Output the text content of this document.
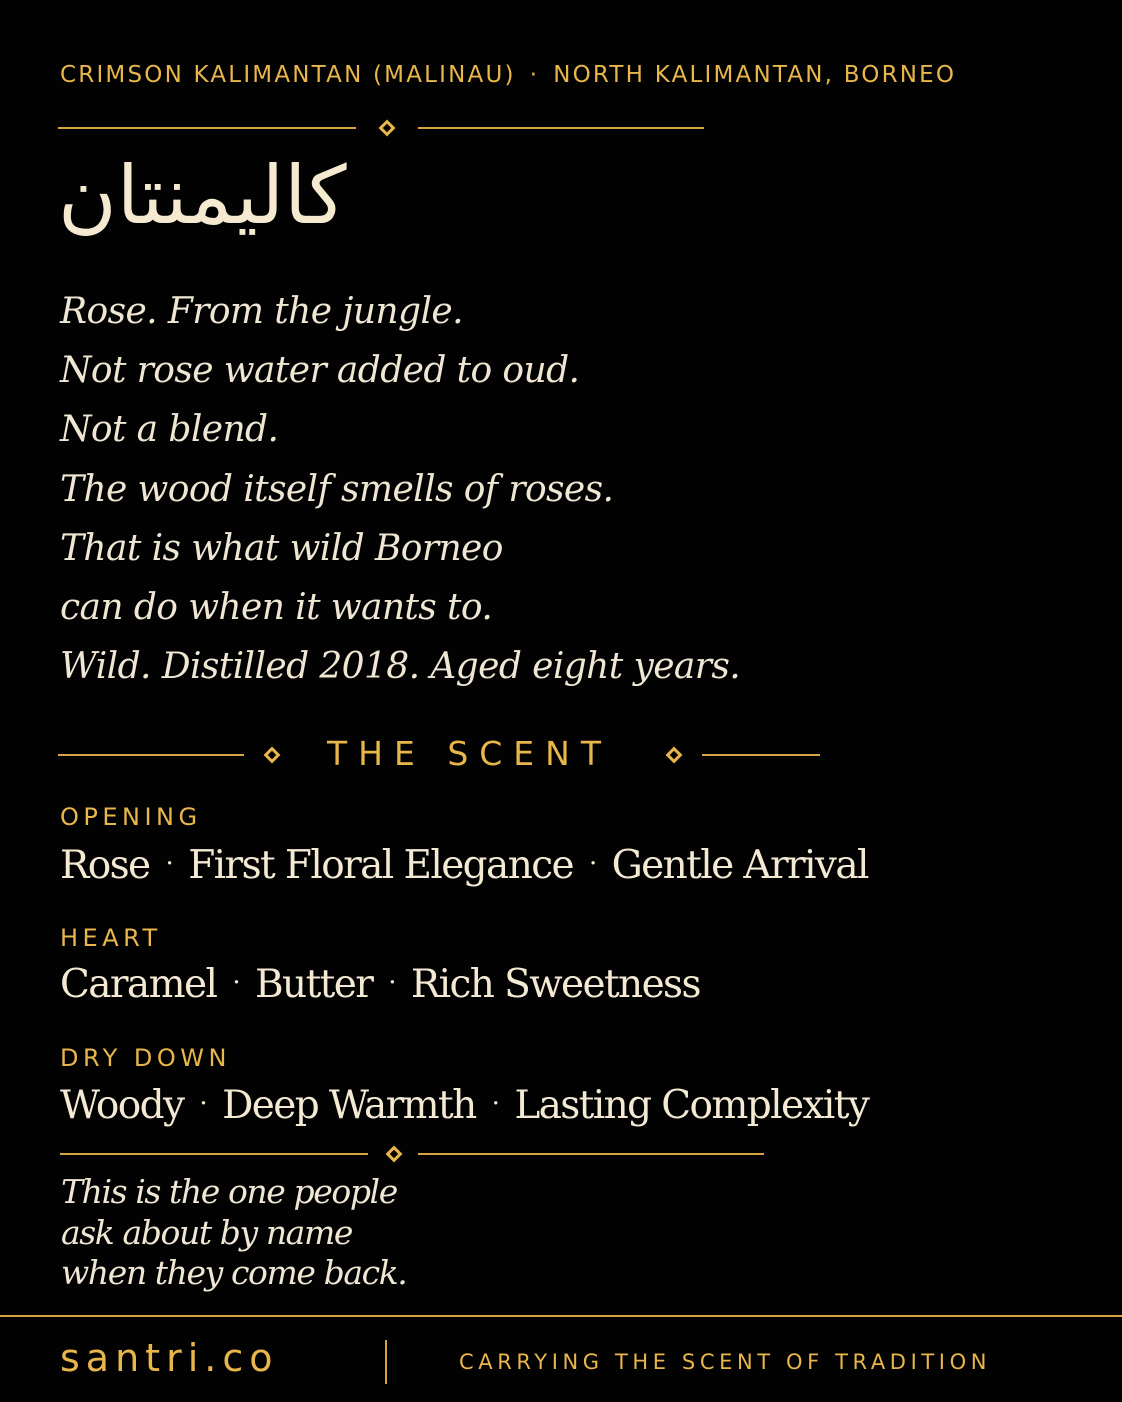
CRIMSON KALIMANTAN (MALINAU) · NORTH KALIMANTAN, BORNEO
كاليمنتان
Rose. From the jungle.
Not rose water added to oud.
Not a blend.
The wood itself smells of roses.
That is what wild Borneo
can do when it wants to.
Wild. Distilled 2018. Aged eight years.
THE SCENT
OPENING
Rose · First Floral Elegance · Gentle Arrival
HEART
Caramel · Butter · Rich Sweetness
DRY DOWN
Woody · Deep Warmth · Lasting Complexity
This is the one people
ask about by name
when they come back.
santri.co	CARRYING THE SCENT OF TRADITION
